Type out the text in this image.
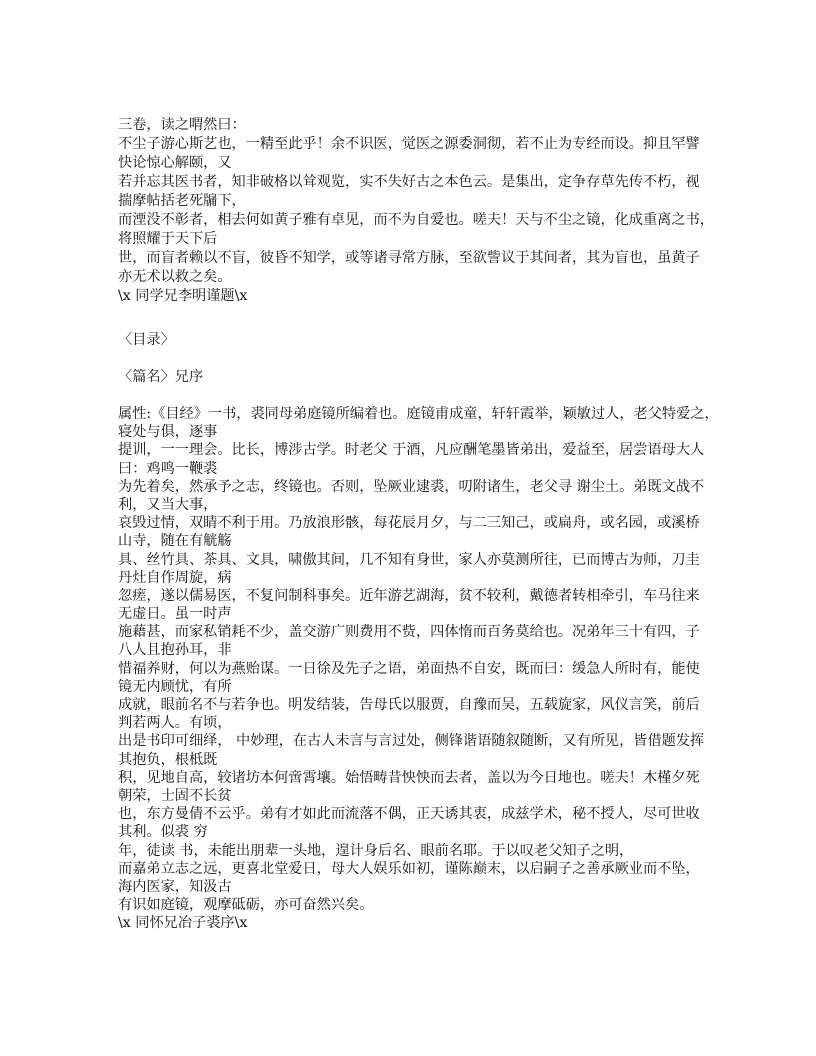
三卷，读之喟然曰：
不尘子游心斯艺也，一精至此乎！余不识医，觉医之源委洞彻，若不止为专经而设。抑且罕譬
快论惊心解颐，又
若并忘其医书者，知非破格以耸观览，实不失好古之本色云。是集出，定争存草先传不朽，视
揣摩帖括老死牖下，
而湮没不彰者，相去何如黄子雅有卓见，而不为自爱也。嗟夫！天与不尘之镜，化成重离之书，
将照耀于天下后
世，而盲者赖以不盲，彼昏不知学，或等诸寻常方脉，至欲訾议于其间者，其为盲也，虽黄子
亦无术以救之矣。
\x 同学兄李明谨题\x
〈目录〉
〈篇名〉兄序
属性:《目经》一书，裘同母弟庭镜所编着也。庭镜甫成童，轩轩霞举，颖敏过人，老父特爱之，
寝处与俱，逐事
提训，一一理会。比长，博涉古学。时老父 于酒，凡应酬笔墨皆弟出，爱益至，居尝语母大人
曰：鸡鸣一鞭裘
为先着矣，然承予之志，终镜也。否则，坠厥业逮裘，叨附诸生，老父寻 谢尘土。弟既文战不
利，又当大事，
哀毁过情，双睛不利于用。乃放浪形骸，每花辰月夕，与二三知己，或扁舟，或名园，或溪桥
山寺，随在有觥觞
具、丝竹具、茶具、文具，啸傲其间，几不知有身世，家人亦莫测所往，已而博古为师，刀圭
丹灶自作周旋，病
忽瘥，遂以儒易医，不复问制科事矣。近年游艺湖海，贫不较利，戴德者转相牵引，车马往来
无虚日。虽一时声
施藉甚，而家私销耗不少，盖交游广则费用不赀，四体惰而百务莫给也。况弟年三十有四，子
八人且抱孙耳，非
惜福养财，何以为燕贻谋。一日徐及先子之语，弟面热不自安，既而曰：缓急人所时有，能使
镜无内顾忧，有所
成就，眼前名不与若争也。明发结装，告母氏以服贾，自豫而吴，五载旋家，风仪言笑，前后
判若两人。有顷，
出是书印可细绎， 中妙理，在古人未言与言过处，侧锋谐语随叙随断，又有所见，皆借题发挥
其抱负，根柢既
积，见地自高，较诸坊本何啻霄壤。始悟畴昔怏怏而去者，盖以为今日地也。嗟夫！木槿夕死
朝荣，士固不长贫
也，东方曼倩不云乎。弟有才如此而流落不偶，正天诱其衷，成兹学术，秘不授人，尽可世收
其利。似裘 穷
年，徒读 书，未能出朋辈一头地，遑计身后名、眼前名耶。于以叹老父知子之明，
而嘉弟立志之远，更喜北堂爱日，母大人娱乐如初，谨陈巅末，以启嗣子之善承厥业而不坠，
海内医家，知汲古
有识如庭镜，观摩砥砺，亦可奋然兴矣。
\x 同怀兄冶子裘序\x
